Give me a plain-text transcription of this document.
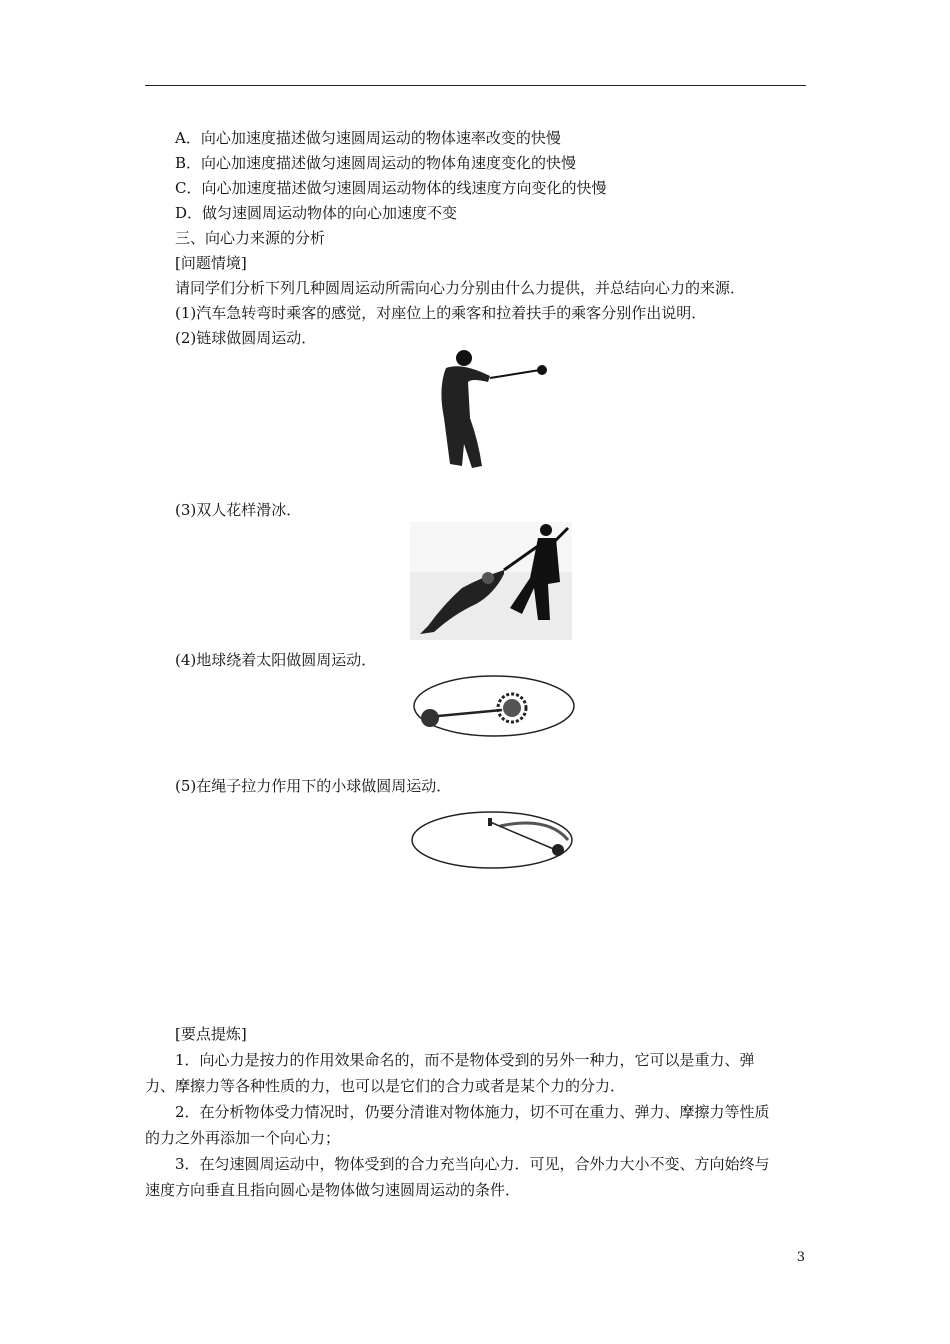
A．向心加速度描述做匀速圆周运动的物体速率改变的快慢
B．向心加速度描述做匀速圆周运动的物体角速度变化的快慢
C．向心加速度描述做匀速圆周运动物体的线速度方向变化的快慢
D．做匀速圆周运动物体的向心加速度不变
三、向心力来源的分析
[问题情境]
请同学们分析下列几种圆周运动所需向心力分别由什么力提供，并总结向心力的来源．
(1)汽车急转弯时乘客的感觉，对座位上的乘客和拉着扶手的乘客分别作出说明．
(2)链球做圆周运动．
(3)双人花样滑冰．
(4)地球绕着太阳做圆周运动．
(5)在绳子拉力作用下的小球做圆周运动．
[要点提炼]
1．向心力是按力的作用效果命名的，而不是物体受到的另外一种力，它可以是重力、弹
力、摩擦力等各种性质的力，也可以是它们的合力或者是某个力的分力．
2．在分析物体受力情况时，仍要分清谁对物体施力，切不可在重力、弹力、摩擦力等性质
的力之外再添加一个向心力；
3．在匀速圆周运动中，物体受到的合力充当向心力．可见，合外力大小不变、方向始终与
速度方向垂直且指向圆心是物体做匀速圆周运动的条件．
3
